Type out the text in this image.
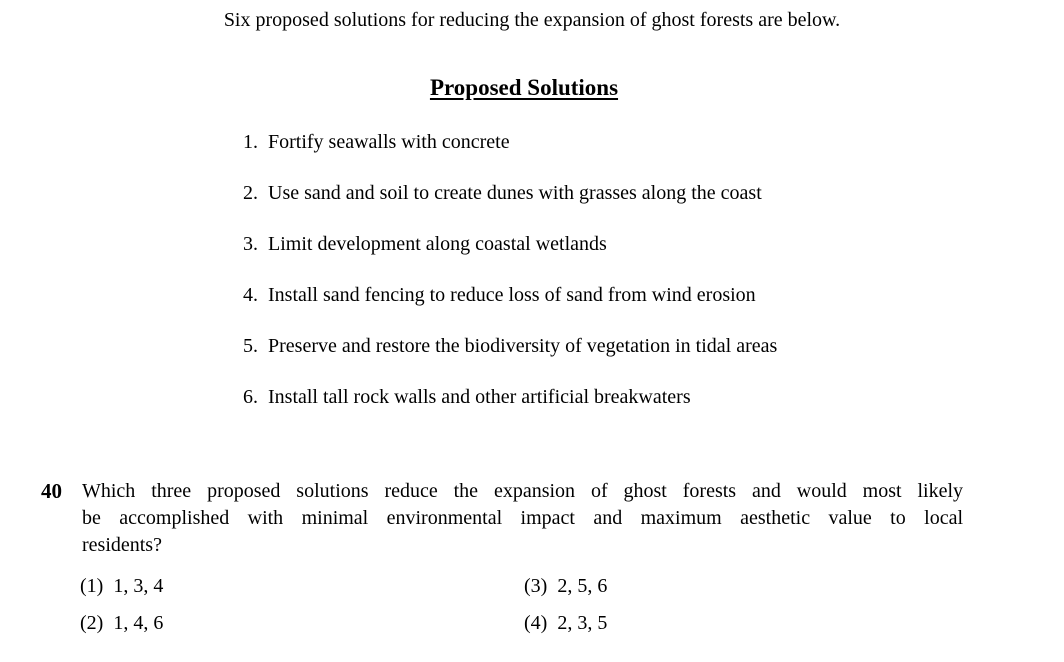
Six proposed solutions for reducing the expansion of ghost forests are below.
Proposed Solutions
1. Fortify seawalls with concrete
2. Use sand and soil to create dunes with grasses along the coast
3. Limit development along coastal wetlands
4. Install sand fencing to reduce loss of sand from wind erosion
5. Preserve and restore the biodiversity of vegetation in tidal areas
6. Install tall rock walls and other artificial breakwaters
40 Which three proposed solutions reduce the expansion of ghost forests and would most likely
be accomplished with minimal environmental impact and maximum aesthetic value to local
residents?
(1) 1, 3, 4
(2) 1, 4, 6
(3) 2, 5, 6
(4) 2, 3, 5
